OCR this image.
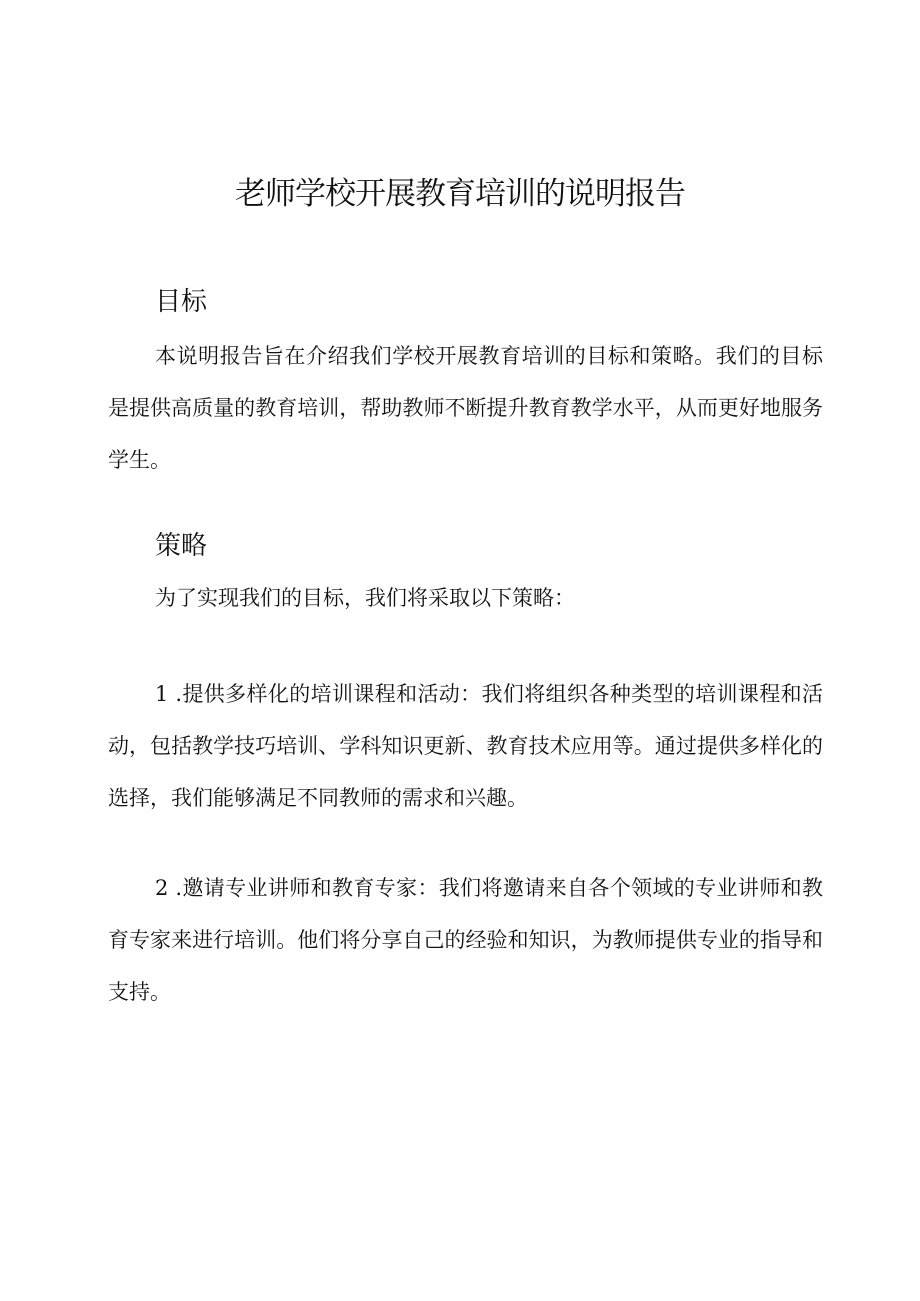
老师学校开展教育培训的说明报告
目标

本说明报告旨在介绍我们学校开展教育培训的目标和策略。我们的目标是提供高质量的教育培训，帮助教师不断提升教育教学水平，从而更好地服务学生。

策略

为了实现我们的目标，我们将采取以下策略：

1 .提供多样化的培训课程和活动：我们将组织各种类型的培训课程和活动，包括教学技巧培训、学科知识更新、教育技术应用等。通过提供多样化的选择，我们能够满足不同教师的需求和兴趣。

2 .邀请专业讲师和教育专家：我们将邀请来自各个领域的专业讲师和教育专家来进行培训。他们将分享自己的经验和知识，为教师提供专业的指导和支持。
